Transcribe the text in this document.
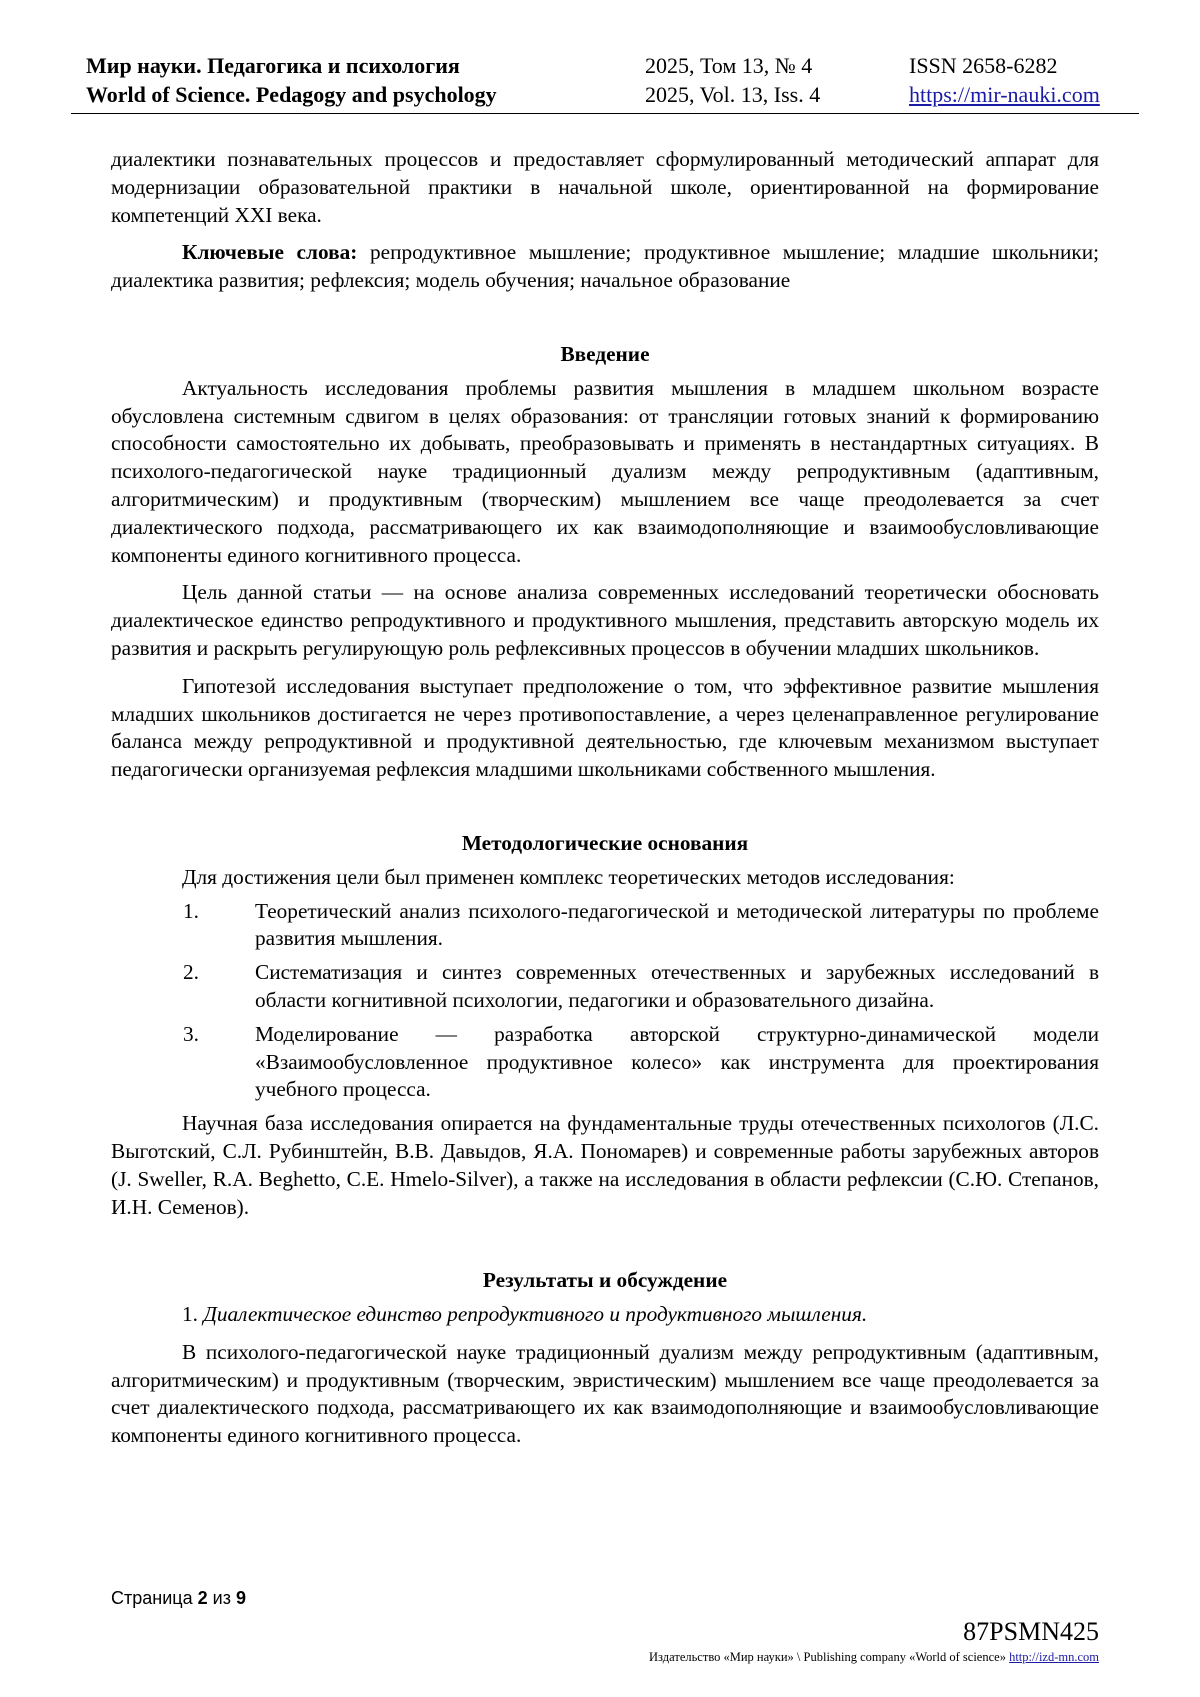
Мир науки. Педагогика и психология
World of Science. Pedagogy and psychology
2025, Том 13, № 4
2025, Vol. 13, Iss. 4
ISSN 2658-6282
https://mir-nauki.com

диалектики познавательных процессов и предоставляет сформулированный методический аппарат для модернизации образовательной практики в начальной школе, ориентированной на формирование компетенций XXI века.

Ключевые слова: репродуктивное мышление; продуктивное мышление; младшие школьники; диалектика развития; рефлексия; модель обучения; начальное образование

Введение

Актуальность исследования проблемы развития мышления в младшем школьном возрасте обусловлена системным сдвигом в целях образования: от трансляции готовых знаний к формированию способности самостоятельно их добывать, преобразовывать и применять в нестандартных ситуациях. В психолого-педагогической науке традиционный дуализм между репродуктивным (адаптивным, алгоритмическим) и продуктивным (творческим) мышлением все чаще преодолевается за счет диалектического подхода, рассматривающего их как взаимодополняющие и взаимообусловливающие компоненты единого когнитивного процесса.

Цель данной статьи — на основе анализа современных исследований теоретически обосновать диалектическое единство репродуктивного и продуктивного мышления, представить авторскую модель их развития и раскрыть регулирующую роль рефлексивных процессов в обучении младших школьников.

Гипотезой исследования выступает предположение о том, что эффективное развитие мышления младших школьников достигается не через противопоставление, а через целенаправленное регулирование баланса между репродуктивной и продуктивной деятельностью, где ключевым механизмом выступает педагогически организуемая рефлексия младшими школьниками собственного мышления.

Методологические основания

Для достижения цели был применен комплекс теоретических методов исследования:

1.	Теоретический анализ психолого-педагогической и методической литературы по проблеме развития мышления.
2.	Систематизация и синтез современных отечественных и зарубежных исследований в области когнитивной психологии, педагогики и образовательного дизайна.
3.	Моделирование — разработка авторской структурно-динамической модели «Взаимообусловленное продуктивное колесо» как инструмента для проектирования учебного процесса.

Научная база исследования опирается на фундаментальные труды отечественных психологов (Л.С. Выготский, С.Л. Рубинштейн, В.В. Давыдов, Я.А. Пономарев) и современные работы зарубежных авторов (J. Sweller, R.A. Beghetto, C.E. Hmelo-Silver), а также на исследования в области рефлексии (С.Ю. Степанов, И.Н. Семенов).

Результаты и обсуждение

1. Диалектическое единство репродуктивного и продуктивного мышления.

В психолого-педагогической науке традиционный дуализм между репродуктивным (адаптивным, алгоритмическим) и продуктивным (творческим, эвристическим) мышлением все чаще преодолевается за счет диалектического подхода, рассматривающего их как взаимодополняющие и взаимообусловливающие компоненты единого когнитивного процесса.

Страница 2 из 9
87PSMN425
Издательство «Мир науки» \ Publishing company «World of science» http://izd-mn.com
